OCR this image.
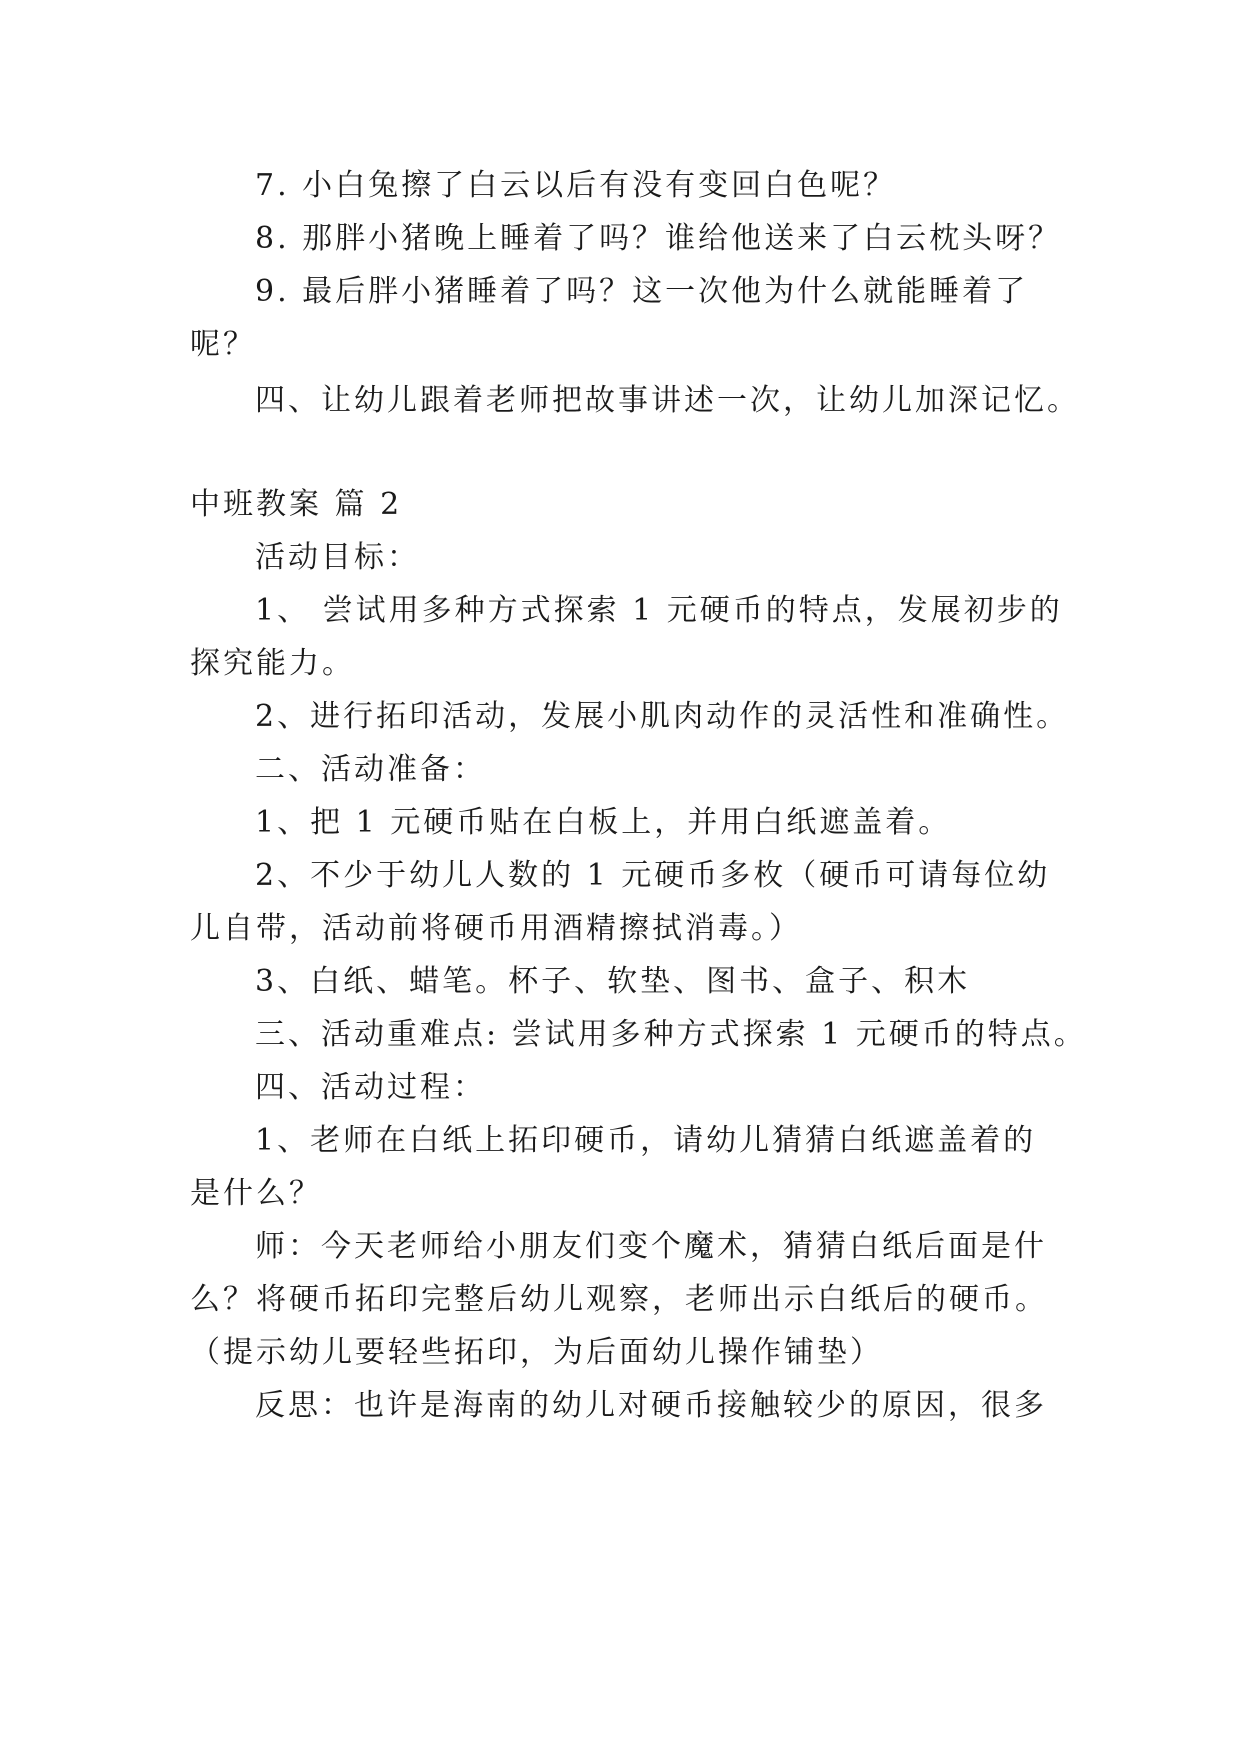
7. 小白兔擦了白云以后有没有变回白色呢？
8. 那胖小猪晚上睡着了吗？谁给他送来了白云枕头呀？
9. 最后胖小猪睡着了吗？这一次他为什么就能睡着了
呢？
四、让幼儿跟着老师把故事讲述一次，让幼儿加深记忆。
中班教案 篇 2
活动目标：
1、 尝试用多种方式探索 1 元硬币的特点，发展初步的
探究能力。
2、进行拓印活动，发展小肌肉动作的灵活性和准确性。
二、活动准备：
1、把 1 元硬币贴在白板上，并用白纸遮盖着。
2、不少于幼儿人数的 1 元硬币多枚（硬币可请每位幼
儿自带，活动前将硬币用酒精擦拭消毒。）
3、白纸、蜡笔。杯子、软垫、图书、盒子、积木
三、活动重难点: 尝试用多种方式探索 1 元硬币的特点。
四、活动过程：
1、老师在白纸上拓印硬币，请幼儿猜猜白纸遮盖着的
是什么？
师：今天老师给小朋友们变个魔术，猜猜白纸后面是什
么？将硬币拓印完整后幼儿观察，老师出示白纸后的硬币。
（提示幼儿要轻些拓印，为后面幼儿操作铺垫）
反思：也许是海南的幼儿对硬币接触较少的原因，很多
